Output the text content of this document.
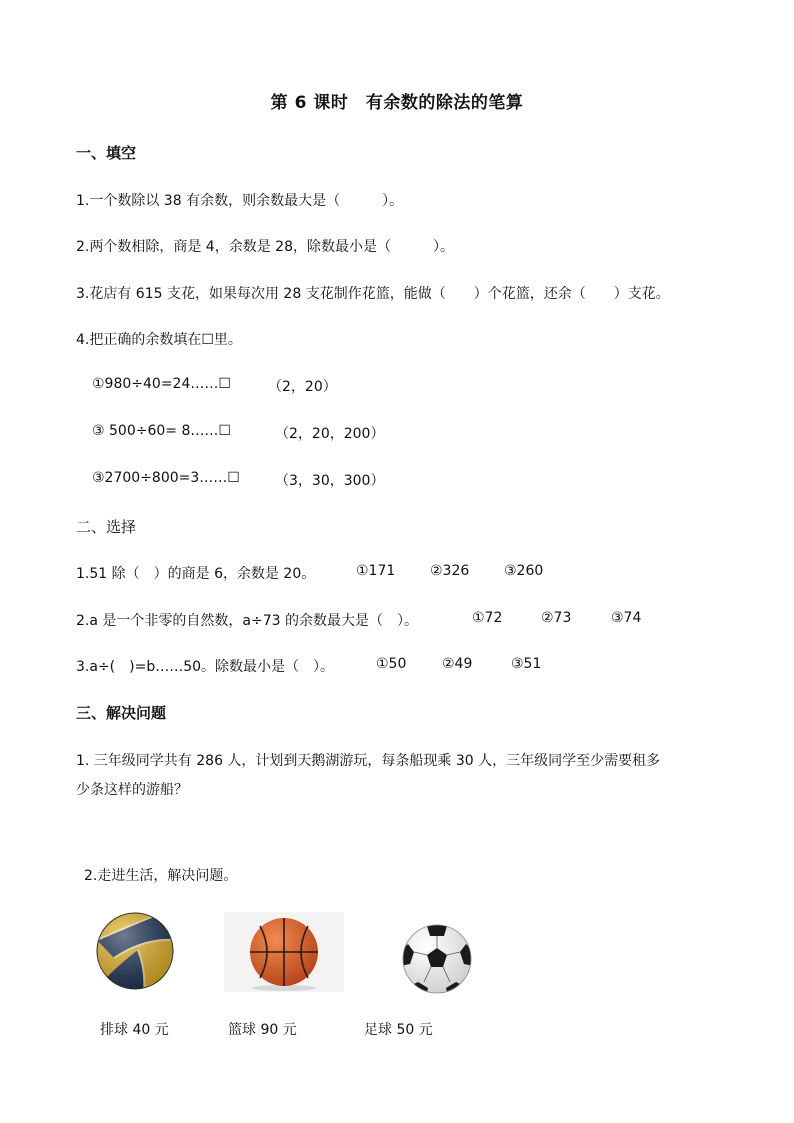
第 6 课时　有余数的除法的笔算
一、填空
1.一个数除以 38 有余数，则余数最大是（　　　）。
2.两个数相除，商是 4，余数是 28，除数最小是（　　　）。
3.花店有 615 支花，如果每次用 28 支花制作花篮，能做（　　）个花篮，还余（　　）支花。
4.把正确的余数填在☐里。
①980÷40=24……☐	（2，20）
③ 500÷60= 8……☐	（2，20，200）
③2700÷800=3……☐	（3，30，300）
二、选择
1.51 除（　）的商是 6，余数是 20。	①171 ②326 ③260
2.a 是一个非零的自然数，a÷73 的余数最大是（　）。	①72	②73	③74
3.a÷(　)=b……50。除数最小是（　）。	①50	②49	③51
三、解决问题
1. 三年级同学共有 286 人，计划到天鹅湖游玩，每条船现乘 30 人，三年级同学至少需要租多
少条这样的游船？
2.走进生活，解决问题。
排球 40 元	篮球 90 元	足球 50 元
